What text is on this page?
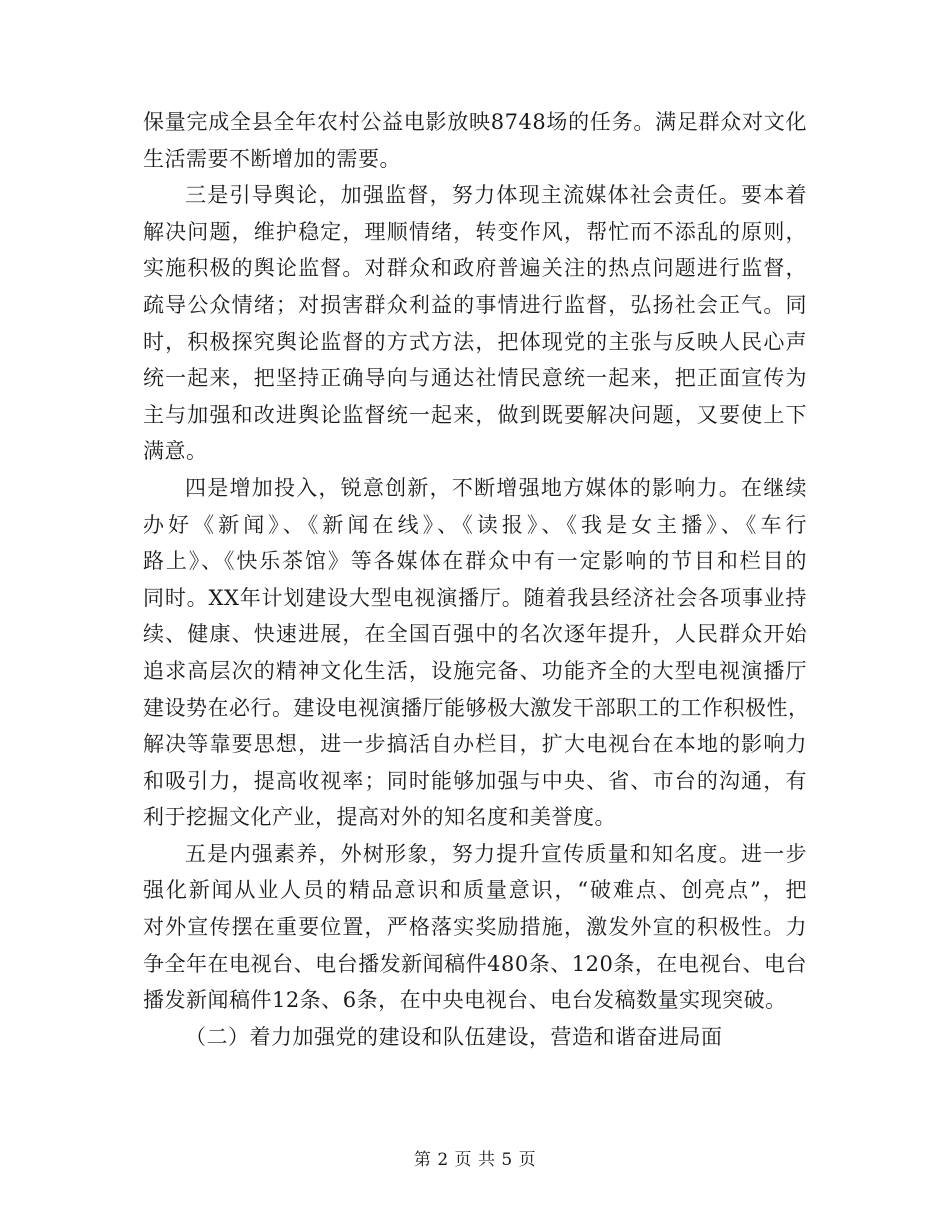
保量完成全县全年农村公益电影放映8748场的任务。满足群众对文化
生活需要不断增加的需要。
三是引导舆论，加强监督，努力体现主流媒体社会责任。要本着
解决问题，维护稳定，理顺情绪，转变作风，帮忙而不添乱的原则，
实施积极的舆论监督。对群众和政府普遍关注的热点问题进行监督，
疏导公众情绪；对损害群众利益的事情进行监督，弘扬社会正气。同
时，积极探究舆论监督的方式方法，把体现党的主张与反映人民心声
统一起来，把坚持正确导向与通达社情民意统一起来，把正面宣传为
主与加强和改进舆论监督统一起来，做到既要解决问题，又要使上下
满意。
四是增加投入，锐意创新，不断增强地方媒体的影响力。在继续
办好《新闻》、《新闻在线》、《读报》、《我是女主播》、《车行
路上》、《快乐茶馆》等各媒体在群众中有一定影响的节目和栏目的
同时。XX年计划建设大型电视演播厅。随着我县经济社会各项事业持
续、健康、快速进展，在全国百强中的名次逐年提升，人民群众开始
追求高层次的精神文化生活，设施完备、功能齐全的大型电视演播厅
建设势在必行。建设电视演播厅能够极大激发干部职工的工作积极性，
解决等靠要思想，进一步搞活自办栏目，扩大电视台在本地的影响力
和吸引力，提高收视率；同时能够加强与中央、省、市台的沟通，有
利于挖掘文化产业，提高对外的知名度和美誉度。
五是内强素养，外树形象，努力提升宣传质量和知名度。进一步
强化新闻从业人员的精品意识和质量意识，“破难点、创亮点”，把
对外宣传摆在重要位置，严格落实奖励措施，激发外宣的积极性。力
争全年在电视台、电台播发新闻稿件480条、120条，在电视台、电台
播发新闻稿件12条、6条，在中央电视台、电台发稿数量实现突破。
（二）着力加强党的建设和队伍建设，营造和谐奋进局面
第 2 页 共 5 页
